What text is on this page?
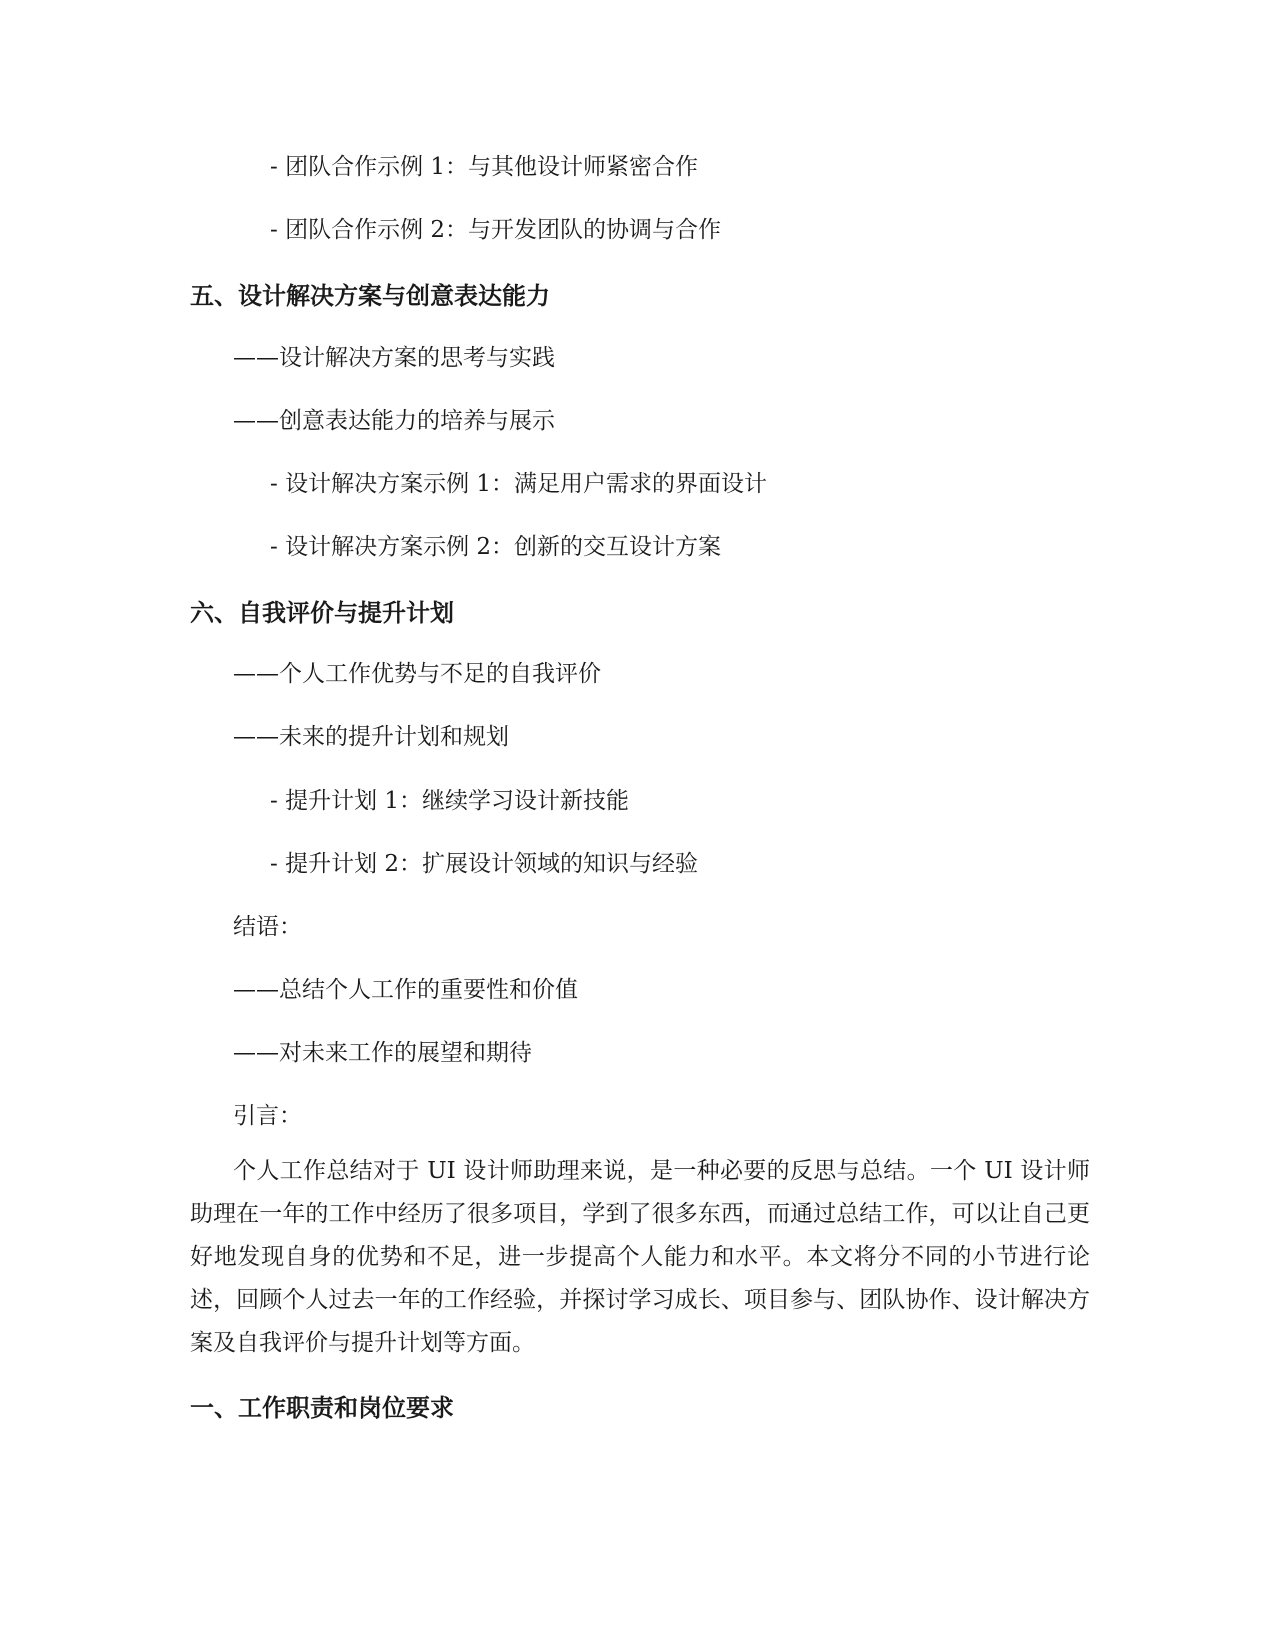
- 团队合作示例 1：与其他设计师紧密合作
- 团队合作示例 2：与开发团队的协调与合作
五、设计解决方案与创意表达能力
——设计解决方案的思考与实践
——创意表达能力的培养与展示
- 设计解决方案示例 1：满足用户需求的界面设计
- 设计解决方案示例 2：创新的交互设计方案
六、自我评价与提升计划
——个人工作优势与不足的自我评价
——未来的提升计划和规划
- 提升计划 1：继续学习设计新技能
- 提升计划 2：扩展设计领域的知识与经验
结语：
——总结个人工作的重要性和价值
——对未来工作的展望和期待
引言：
个人工作总结对于 UI 设计师助理来说，是一种必要的反思与总结。一个 UI 设计师助理在一年的工作中经历了很多项目，学到了很多东西，而通过总结工作，可以让自己更好地发现自身的优势和不足，进一步提高个人能力和水平。本文将分不同的小节进行论述，回顾个人过去一年的工作经验，并探讨学习成长、项目参与、团队协作、设计解决方案及自我评价与提升计划等方面。
一、工作职责和岗位要求
